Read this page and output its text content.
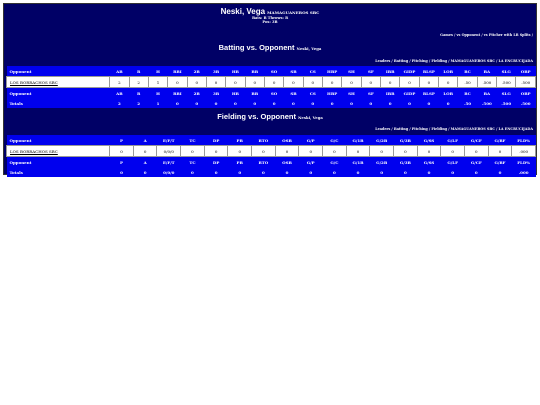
Neski, Vega MAMAGUANEROS SBC
Bats: R Throws: R
Pos: 3B
Games / vs Opponent / vs Pitcher with LR Splits /
Batting vs. Opponent Neski, Vega
Leaders / Batting / Pitching / Fielding / MAMAGUANEROS SBC / LA ENCRUCIJADA
Opponent	AB	R	H	RBI	2B	3B	HR	BB	SO	SB	CS	HBP	SH	SF	IBB	GIDP	RLSP	LOB	RC	BA	SLG	OBP
LOS BORRACHOS SBC	2	2	1	0	0	0	0	0	0	0	0	0	0	0	0	0	0	0	.50	.500	.500	.500
Opponent	AB	R	H	RBI	2B	3B	HR	BB	SO	SB	CS	HBP	SH	SF	IBB	GIDP	RLSP	LOB	RC	BA	SLG	OBP
Totals	2	2	1	0	0	0	0	0	0	0	0	0	0	0	0	0	0	0	.50	.500	.500	.500
Fielding vs. Opponent Neski, Vega
Leaders / Batting / Pitching / Fielding / MAMAGUANEROS SBC / LA ENCRUCIJADA
Opponent	P	A	E/F/T	TC	DP	PB	RTO	OSB	G/P	G/C	G/1B	G/2B	G/3B	G/SS	G/LF	G/CF	G/RF	FLD%
LOS BORRACHOS SBC	0	0	0/0/0	0	0	0	0	0	0	0	0	0	0	0	0	0	0	.000
Opponent	P	A	E/F/T	TC	DP	PB	RTO	OSB	G/P	G/C	G/1B	G/2B	G/3B	G/SS	G/LF	G/CF	G/RF	FLD%
Totals	0	0	0/0/0	0	0	0	0	0	0	0	0	0	0	0	0	0	0	.000
